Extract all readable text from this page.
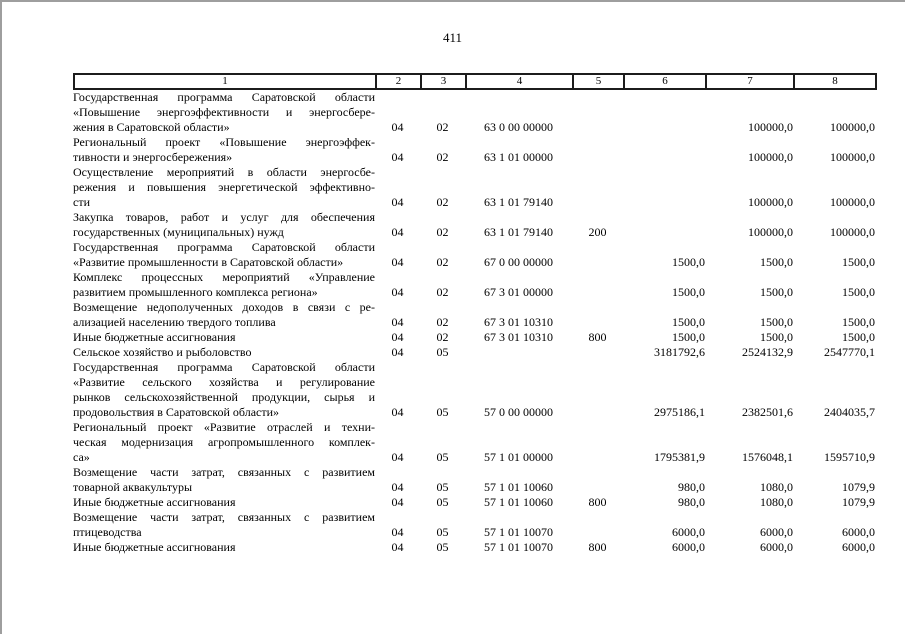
411
1	2	3	4	5	6	7	8
Государственная программа Саратовской области
«Повышение энергоэффективности и энергосбере-
жения в Саратовской области»	04	02	63 0 00 00000			100000,0	100000,0

Региональный проект «Повышение энергоэффек-
тивности и энергосбережения»	04	02	63 1 01 00000			100000,0	100000,0

Осуществление мероприятий в области энергосбе-
режения и повышения энергетической эффективно-
сти	04	02	63 1 01 79140			100000,0	100000,0

Закупка товаров, работ и услуг для обеспечения
государственных (муниципальных) нужд	04	02	63 1 01 79140	200		100000,0	100000,0

Государственная программа Саратовской области
«Развитие промышленности в Саратовской области»	04	02	67 0 00 00000		1500,0	1500,0	1500,0

Комплекс процессных мероприятий «Управление
развитием промышленного комплекса региона»	04	02	67 3 01 00000		1500,0	1500,0	1500,0

Возмещение недополученных доходов в связи с ре-
ализацией населению твердого топлива	04	02	67 3 01 10310		1500,0	1500,0	1500,0

Иные бюджетные ассигнования	04	02	67 3 01 10310	800	1500,0	1500,0	1500,0

Сельское хозяйство и рыболовство	04	05			3181792,6	2524132,9	2547770,1

Государственная программа Саратовской области
«Развитие сельского хозяйства и регулирование
рынков сельскохозяйственной продукции, сырья и
продовольствия в Саратовской области»	04	05	57 0 00 00000		2975186,1	2382501,6	2404035,7

Региональный проект «Развитие отраслей и техни-
ческая модернизация агропромышленного комплек-
са»	04	05	57 1 01 00000		1795381,9	1576048,1	1595710,9

Возмещение части затрат, связанных с развитием
товарной аквакультуры	04	05	57 1 01 10060		980,0	1080,0	1079,9

Иные бюджетные ассигнования	04	05	57 1 01 10060	800	980,0	1080,0	1079,9

Возмещение части затрат, связанных с развитием
птицеводства	04	05	57 1 01 10070		6000,0	6000,0	6000,0

Иные бюджетные ассигнования	04	05	57 1 01 10070	800	6000,0	6000,0	6000,0
